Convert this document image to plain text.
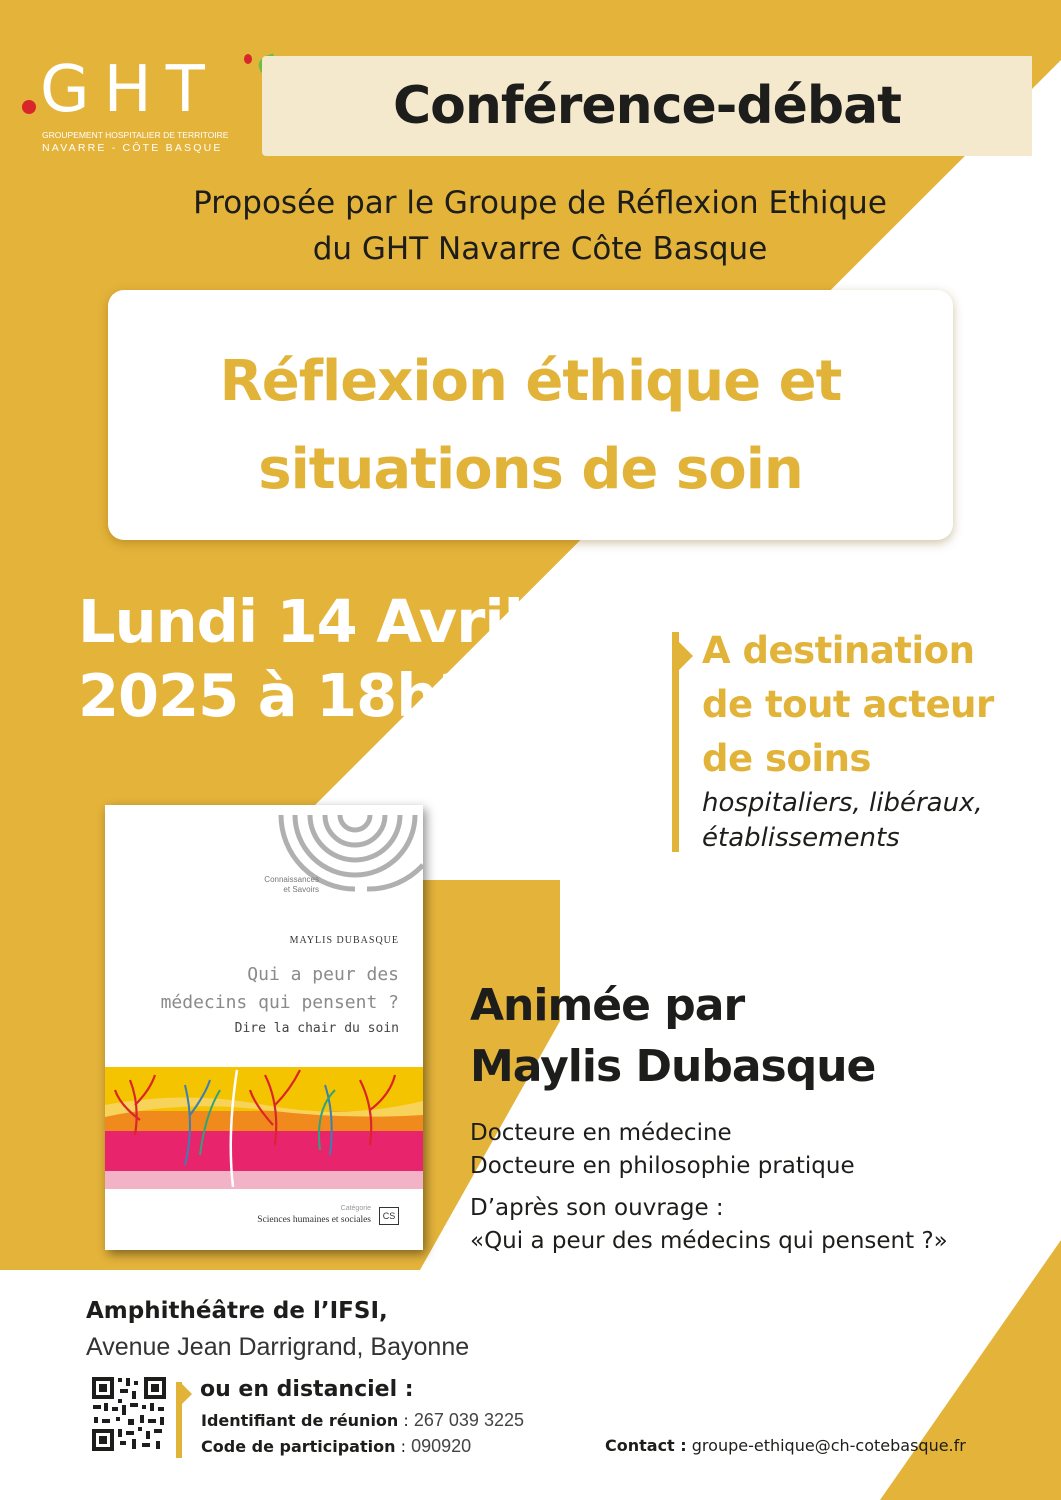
GHT
GROUPEMENT HOSPITALIER DE TERRITOIRE
NAVARRE - CÔTE BASQUE
Conférence-débat
Proposée par le Groupe de Réflexion Ethique
du GHT Navarre Côte Basque
Réflexion éthique et
situations de soin
Lundi 14 Avril
2025 à 18h30
A destination
de tout acteur
de soins
hospitaliers, libéraux,
établissements
Connaissances
et Savoirs
MAYLIS DUBASQUE
Qui a peur des
médecins qui pensent ?
Dire la chair du soin
Catégorie
Sciences humaines et sociales	CS
Animée par
Maylis Dubasque
Docteure en médecine
Docteure en philosophie pratique
D’après son ouvrage :
«Qui a peur des médecins qui pensent ?»
Amphithéâtre de l’IFSI,
Avenue Jean Darrigrand, Bayonne
ou en distanciel :
Identifiant de réunion : 267 039 3225
Code de participation : 090920	Contact : groupe-ethique@ch-cotebasque.fr
